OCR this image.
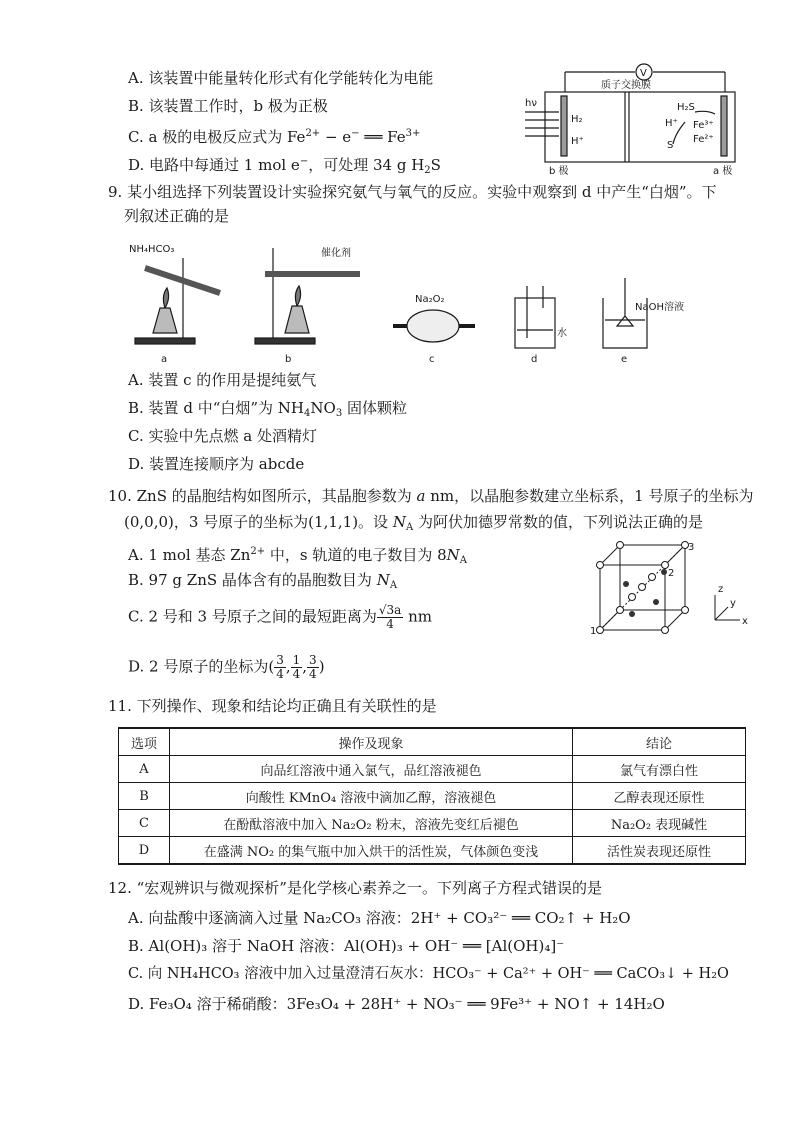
A. 该装置中能量转化形式有化学能转化为电能
B. 该装置工作时，b 极为正极
C. a 极的电极反应式为 $Fe^{2+} - e^-$ ══ $Fe^{3+}$
D. 电路中每通过 1 mol e−，可处理 34 g $H_2S$
V
hν
H₂
H⁺
质子交换膜
H₂S
H⁺
S
Fe³⁺
Fe²⁺
b 极	a 极
9. 某小组选择下列装置设计实验探究氨气与氧气的反应。实验中观察到 d 中产生“白烟”。下
列叙述正确的是
NH₄HCO₃	催化剂
Na₂O₂
水
NaOH溶液
a	b	c	d	e
A. 装置 c 的作用是提纯氨气
B. 装置 d 中“白烟”为 $NH_4NO_3$ 固体颗粒
C. 实验中先点燃 a 处酒精灯
D. 装置连接顺序为 abcde
10. ZnS 的晶胞结构如图所示，其晶胞参数为 a nm，以晶胞参数建立坐标系，1 号原子的坐标为
(0,0,0)，3 号原子的坐标为(1,1,1)。设 $N_A$ 为阿伏加德罗常数的值，下列说法正确的是
A. 1 mol 基态 $Zn^{2+}$ 中，s 轨道的电子数目为 $8N_A$
B. 97 g ZnS 晶体含有的晶胞数目为 $N_A$
C. 2 号和 3 号原子之间的最短距离为 $\frac{√3a}{4}$ nm
D. 2 号原子的坐标为( $\frac{3}{4}$ , $\frac{1}{4}$ , $\frac{3}{4}$ )
1
2
3
x
y
z
11. 下列操作、现象和结论均正确且有关联性的是
选项	操作及现象	结论
A	向品红溶液中通入氯气，品红溶液褪色	氯气有漂白性
B	向酸性 KMnO₄ 溶液中滴加乙醇，溶液褪色	乙醇表现还原性
C	在酚酞溶液中加入 Na₂O₂ 粉末，溶液先变红后褪色	Na₂O₂ 表现碱性
D	在盛满 NO₂ 的集气瓶中加入烘干的活性炭，气体颜色变浅	活性炭表现还原性
12. “宏观辨识与微观探析”是化学核心素养之一。下列离子方程式错误的是
A. 向盐酸中逐滴滴入过量 Na₂CO₃ 溶液：2H⁺ + CO₃²⁻ ══ CO₂↑ + H₂O
B. Al(OH)₃ 溶于 NaOH 溶液：Al(OH)₃ + OH⁻ ══ [Al(OH)₄]⁻
C. 向 NH₄HCO₃ 溶液中加入过量澄清石灰水：HCO₃⁻ + Ca²⁺ + OH⁻ ══ CaCO₃↓ + H₂O
D. Fe₃O₄ 溶于稀硝酸：3Fe₃O₄ + 28H⁺ + NO₃⁻ ══ 9Fe³⁺ + NO↑ + 14H₂O
